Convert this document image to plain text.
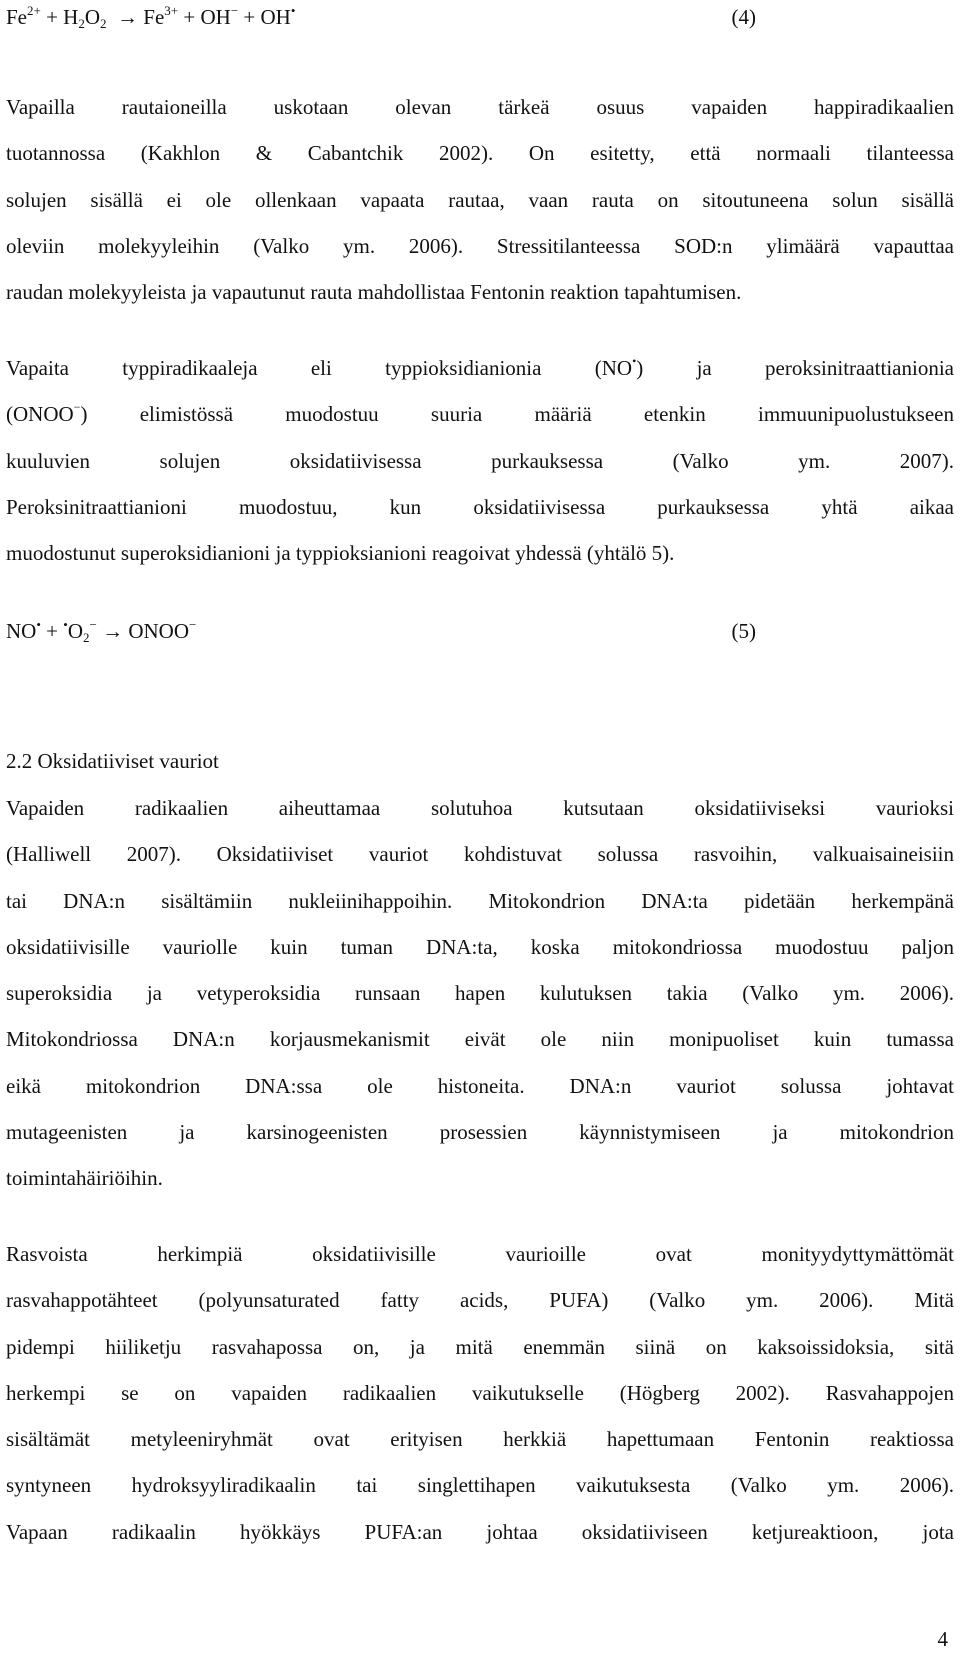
$Fe^{2+} + H_2O_2 \to Fe^{3+} + OH^- + OH^•$	(4)
Vapailla rautaioneilla uskotaan olevan tärkeä osuus vapaiden happiradikaalien
tuotannossa (Kakhlon & Cabantchik 2002). On esitetty, että normaali tilanteessa
solujen sisällä ei ole ollenkaan vapaata rautaa, vaan rauta on sitoutuneena solun sisällä
oleviin molekyyleihin (Valko ym. 2006). Stressitilanteessa SOD:n ylimäärä vapauttaa
raudan molekyyleista ja vapautunut rauta mahdollistaa Fentonin reaktion tapahtumisen.
Vapaita typpiradikaaleja eli typpioksidianionia (NO•) ja peroksinitraattianionia
(ONOO−) elimistössä muodostuu suuria määriä etenkin immuunipuolustukseen
kuuluvien solujen oksidatiivisessa purkauksessa (Valko ym. 2007).
Peroksinitraattianioni muodostuu, kun oksidatiivisessa purkauksessa yhtä aikaa
muodostunut superoksidianioni ja typpioksianioni reagoivat yhdessä (yhtälö 5).
$NO^• + ^•O_2^-$ → ONOO−	(5)
2.2 Oksidatiiviset vauriot
Vapaiden radikaalien aiheuttamaa solutuhoa kutsutaan oksidatiiviseksi vaurioksi
(Halliwell 2007). Oksidatiiviset vauriot kohdistuvat solussa rasvoihin, valkuaisaineisiin
tai DNA:n sisältämiin nukleiinihappoihin. Mitokondrion DNA:ta pidetään herkempänä
oksidatiivisille vauriolle kuin tuman DNA:ta, koska mitokondriossa muodostuu paljon
superoksidia ja vetyperoksidia runsaan hapen kulutuksen takia (Valko ym. 2006).
Mitokondriossa DNA:n korjausmekanismit eivät ole niin monipuoliset kuin tumassa
eikä mitokondrion DNA:ssa ole histoneita. DNA:n vauriot solussa johtavat
mutageenisten ja karsinogeenisten prosessien käynnistymiseen ja mitokondrion
toimintahäiriöihin.
Rasvoista herkimpiä oksidatiivisille vaurioille ovat monityydyttymättömät
rasvahappotähteet (polyunsaturated fatty acids, PUFA) (Valko ym. 2006). Mitä
pidempi hiiliketju rasvahapossa on, ja mitä enemmän siinä on kaksoissidoksia, sitä
herkempi se on vapaiden radikaalien vaikutukselle (Högberg 2002). Rasvahappojen
sisältämät metyleeniryhmät ovat erityisen herkkiä hapettumaan Fentonin reaktiossa
syntyneen hydroksyyliradikaalin tai singlettihapen vaikutuksesta (Valko ym. 2006).
Vapaan radikaalin hyökkäys PUFA:an johtaa oksidatiiviseen ketjureaktioon, jota
4
